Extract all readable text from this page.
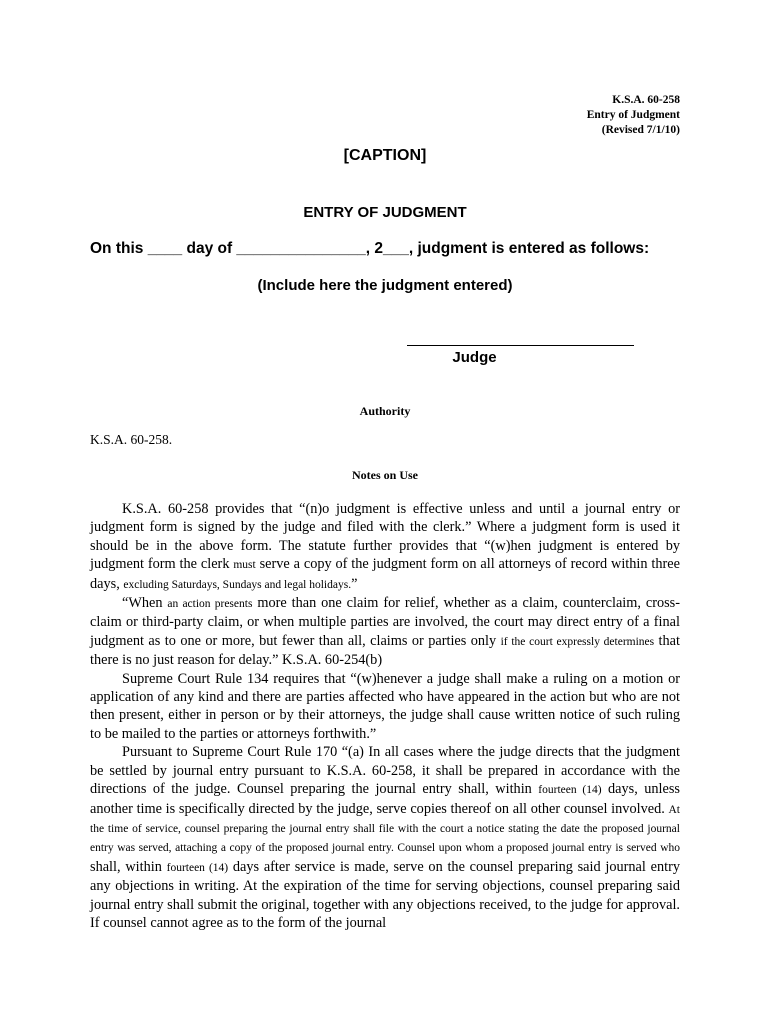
K.S.A. 60-258
Entry of Judgment
(Revised 7/1/10)
[CAPTION]
ENTRY OF JUDGMENT
On this ____ day of _______________, 2___, judgment is entered as follows:
(Include here the judgment entered)
Judge
Authority
K.S.A. 60-258.
Notes on Use

K.S.A. 60-258 provides that “(n)o judgment is effective unless and until a journal entry or judgment form is signed by the judge and filed with the clerk.” Where a judgment form is used it should be in the above form. The statute further provides that “(w)hen judgment is entered by judgment form the clerk must serve a copy of the judgment form on all attorneys of record within three days, excluding Saturdays, Sundays and legal holidays.”

“When an action presents more than one claim for relief, whether as a claim, counterclaim, cross-claim or third-party claim, or when multiple parties are involved, the court may direct entry of a final judgment as to one or more, but fewer than all, claims or parties only if the court expressly determines that there is no just reason for delay.” K.S.A. 60-254(b)

Supreme Court Rule 134 requires that “(w)henever a judge shall make a ruling on a motion or application of any kind and there are parties affected who have appeared in the action but who are not then present, either in person or by their attorneys, the judge shall cause written notice of such ruling to be mailed to the parties or attorneys forthwith.”

Pursuant to Supreme Court Rule 170 “(a) In all cases where the judge directs that the judgment be settled by journal entry pursuant to K.S.A. 60-258, it shall be prepared in accordance with the directions of the judge. Counsel preparing the journal entry shall, within fourteen (14) days, unless another time is specifically directed by the judge, serve copies thereof on all other counsel involved. At the time of service, counsel preparing the journal entry shall file with the court a notice stating the date the proposed journal entry was served, attaching a copy of the proposed journal entry. Counsel upon whom a proposed journal entry is served who shall, within fourteen (14) days after service is made, serve on the counsel preparing said journal entry any objections in writing. At the expiration of the time for serving objections, counsel preparing said journal entry shall submit the original, together with any objections received, to the judge for approval. If counsel cannot agree as to the form of the journal
